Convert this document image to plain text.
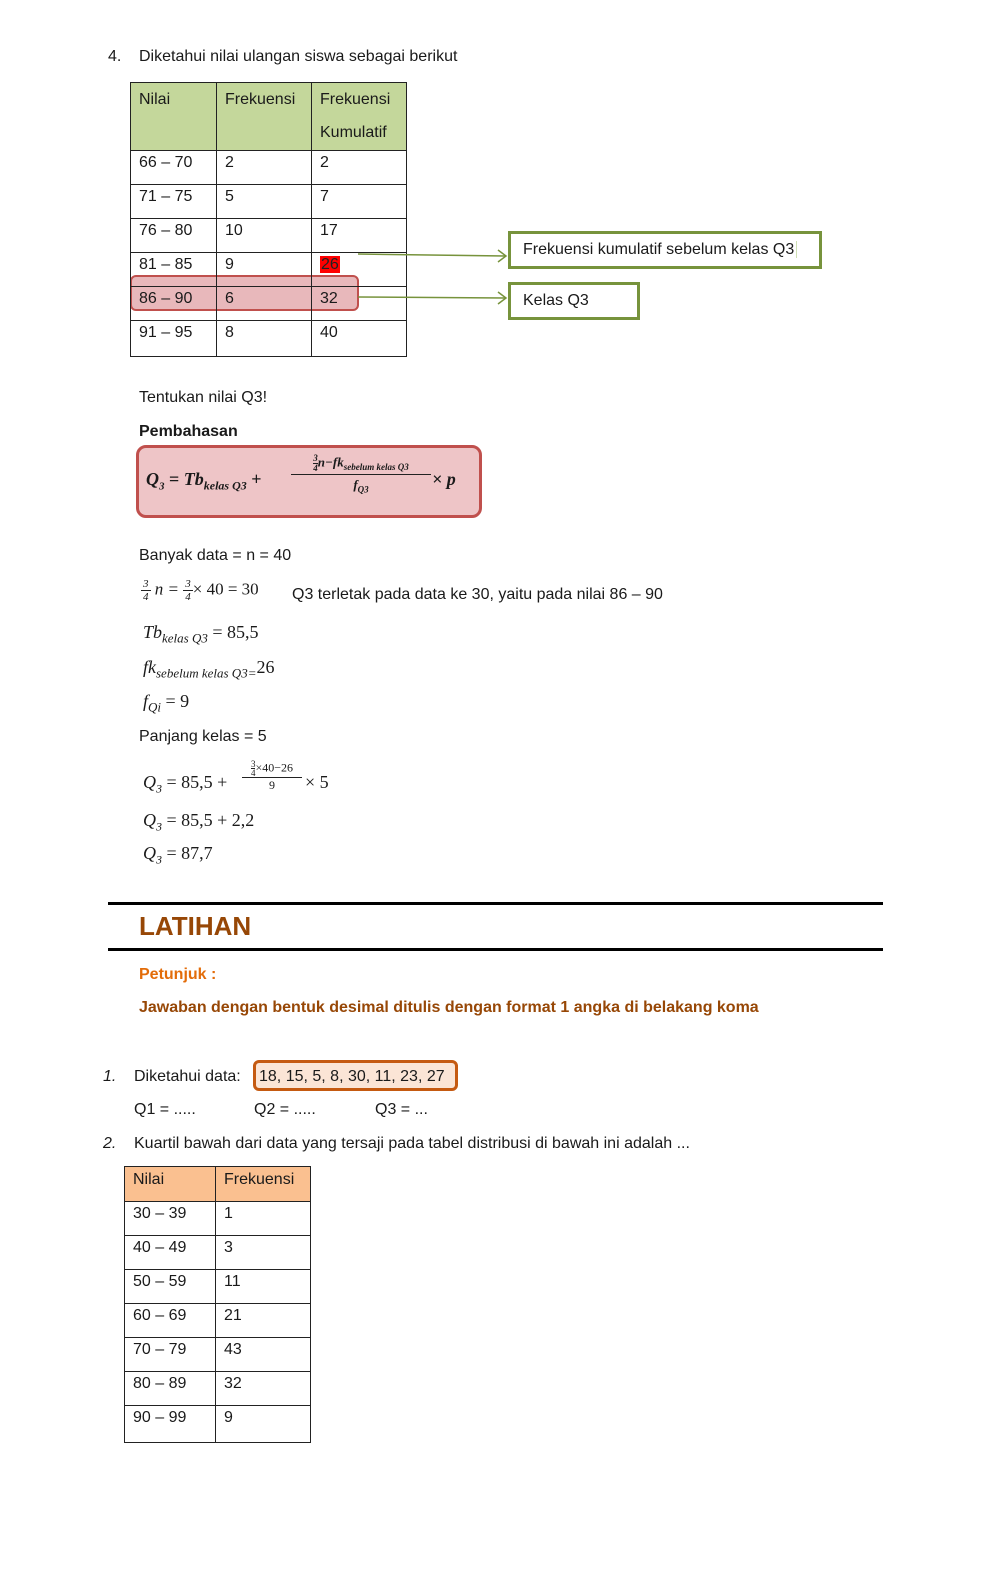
4. Diketahui nilai ulangan siswa sebagai berikut
Nilai	Frekuensi	Frekuensi
Kumulatif
66 – 70	2	2
71 – 75	5	7
76 – 80	10	17
81 – 85	9	26
86 – 90	6	32
91 – 95	8	40
Frekuensi kumulatif sebelum kelas Q3
Kelas Q3
Tentukan nilai Q3!
Pembahasan
$Q_3 = Tb_{kelas Q3}$ +
$\frac{3}{4} n-fk_{sebelum kelas Q3}$
$f_{Q3}$
× p
Banyak data = n = 40
$\frac{3}{4}$ $n = \frac{3}{4} \times 40 = 30$ Q3 terletak pada data ke 30, yaitu pada nilai 86 – 90
$Tb_{kelas Q3} = 85,5$
$fk_{sebelum kelas Q3=}26$
$f_{Qi} = 9$
Panjang kelas = 5
$Q_3 = 85,5$ +
$\frac{3}{4} \times 40-26$
9	× 5
$Q_3 = 85,5 + 2,2$
$Q_3 = 87,7$
LATIHAN
Petunjuk :
Jawaban dengan bentuk desimal ditulis dengan format 1 angka di belakang koma
1. Diketahui data: 18, 15, 5, 8, 30, 11, 23, 27
Q1 = .....	Q2 = .....	Q3 = ...
2. Kuartil bawah dari data yang tersaji pada tabel distribusi di bawah ini adalah ...
Nilai	Frekuensi
30 – 39	1
40 – 49	3
50 – 59	11
60 – 69	21
70 – 79	43
80 – 89	32
90 – 99	9
